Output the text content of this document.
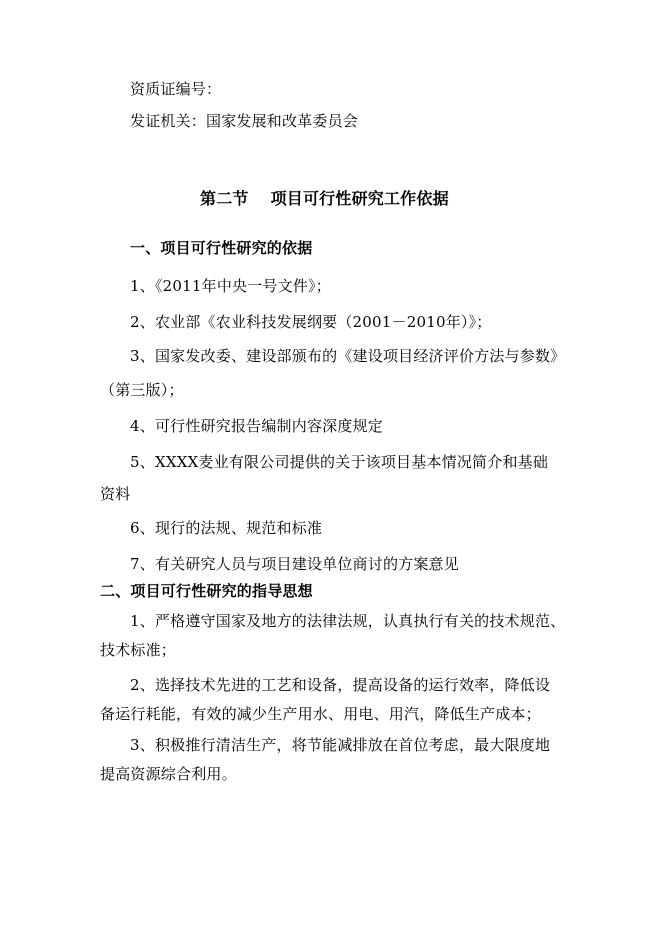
资质证编号：
发证机关：国家发展和改革委员会
第二节　 项目可行性研究工作依据
一、项目可行性研究的依据
1、《2011年中央一号文件》；
2、农业部《农业科技发展纲要（2001－2010年）》；
3、国家发改委、建设部颁布的《建设项目经济评价方法与参数》
（第三版）；
4、可行性研究报告编制内容深度规定
5、XXXX麦业有限公司提供的关于该项目基本情况简介和基础
资料
6、现行的法规、规范和标准
7、有关研究人员与项目建设单位商讨的方案意见
二、项目可行性研究的指导思想
1、严格遵守国家及地方的法律法规，认真执行有关的技术规范、
技术标准；
2、选择技术先进的工艺和设备，提高设备的运行效率，降低设
备运行耗能，有效的减少生产用水、用电、用汽，降低生产成本；
3、积极推行清洁生产，将节能减排放在首位考虑，最大限度地
提高资源综合利用。
